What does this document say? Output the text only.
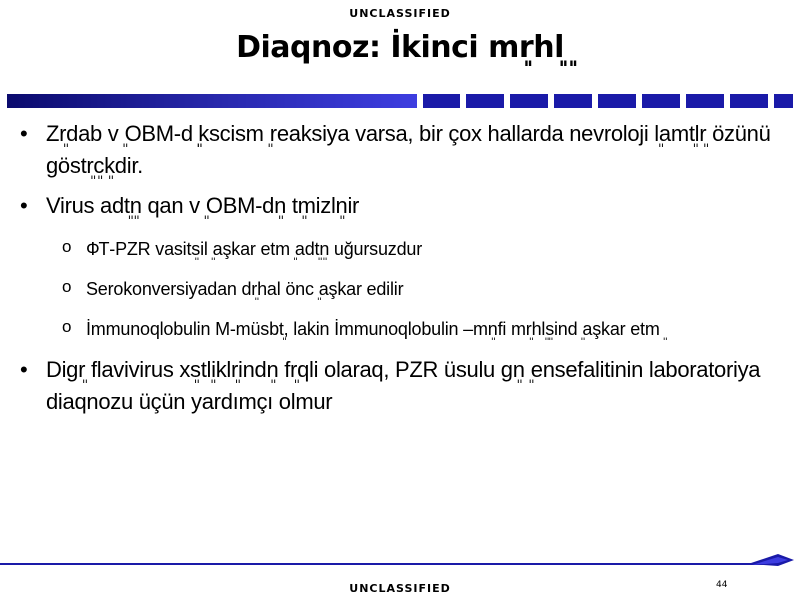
UNCLASSIFIED
Diaqnoz: İkinci mܸrhܸlܸ
• Zܸrdab vܸ OBM-dܸ ܸkscismܸ reaksiya varsa, bir çox hallarda nevroloji ܸlamܸtlܸr özünü göstܸrܸcܸkdir.
• Virus adܸtܸn qan vܸ OBM-dܸn tܸmizlܸnir
o ФТ-PZR vasitܸsilܸ aşkar etmܸ adܸtܸn uğursuzdur
o Serokonversiyadan dܸrhal öncܸ aşkar edilir
o İmmunoqlobulin M-müsbܸt, lakin İmmunoqlobulin –mܸnfi mܸrhܸlܸsindܸ aşkar etmܸ
• Digܸr flavivirus xܸstܸliklܸrindܸn fܸrqli olaraq, PZR üsulu gܸnܸ ensefalitinin laboratoriya diaqnozu üçün yardımçı olmur
UNCLASSIFIED	44
